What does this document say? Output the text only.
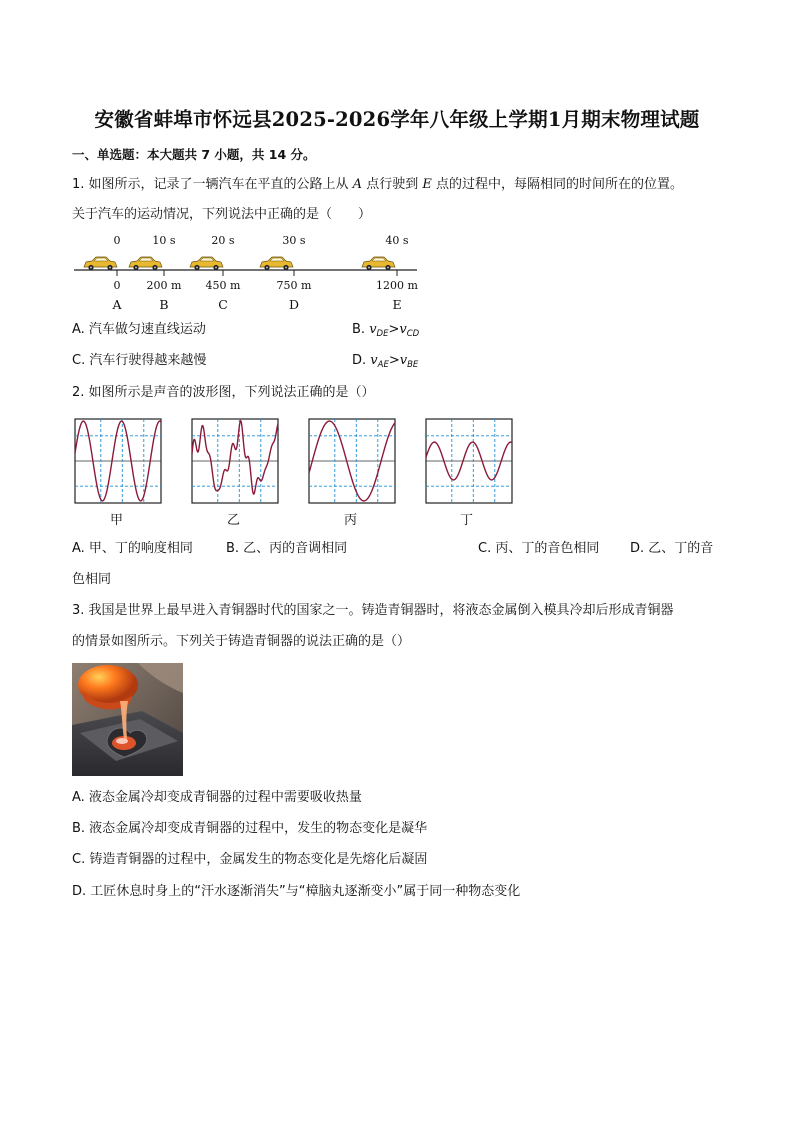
安徽省蚌埠市怀远县2025-2026学年八年级上学期1月期末物理试题
一、单选题：本大题共 7 小题，共 14 分。
1. 如图所示，记录了一辆汽车在平直的公路上从 A 点行驶到 E 点的过程中，每隔相同的时间所在的位置。
关于汽车的运动情况，下列说法中正确的是（　　）
0
0
A
10 s
200 m
B
20 s
450 m
C
30 s
750 m
D
40 s
1200 m
E
A. 汽车做匀速直线运动	B. $v_{DE}>v_{CD}$
C. 汽车行驶得越来越慢	D. $v_{AE}>v_{BE}$
2. 如图所示是声音的波形图，下列说法正确的是（）
甲	乙	丙	丁
A. 甲、丁的响度相同	B. 乙、丙的音调相同	C. 丙、丁的音色相同 D. 乙、丁的音
色相同
3. 我国是世界上最早进入青铜器时代的国家之一。铸造青铜器时，将液态金属倒入模具冷却后形成青铜器
的情景如图所示。下列关于铸造青铜器的说法正确的是（）
A. 液态金属冷却变成青铜器的过程中需要吸收热量
B. 液态金属冷却变成青铜器的过程中，发生的物态变化是凝华
C. 铸造青铜器的过程中，金属发生的物态变化是先熔化后凝固
D. 工匠休息时身上的“汗水逐渐消失”与“樟脑丸逐渐变小”属于同一种物态变化
